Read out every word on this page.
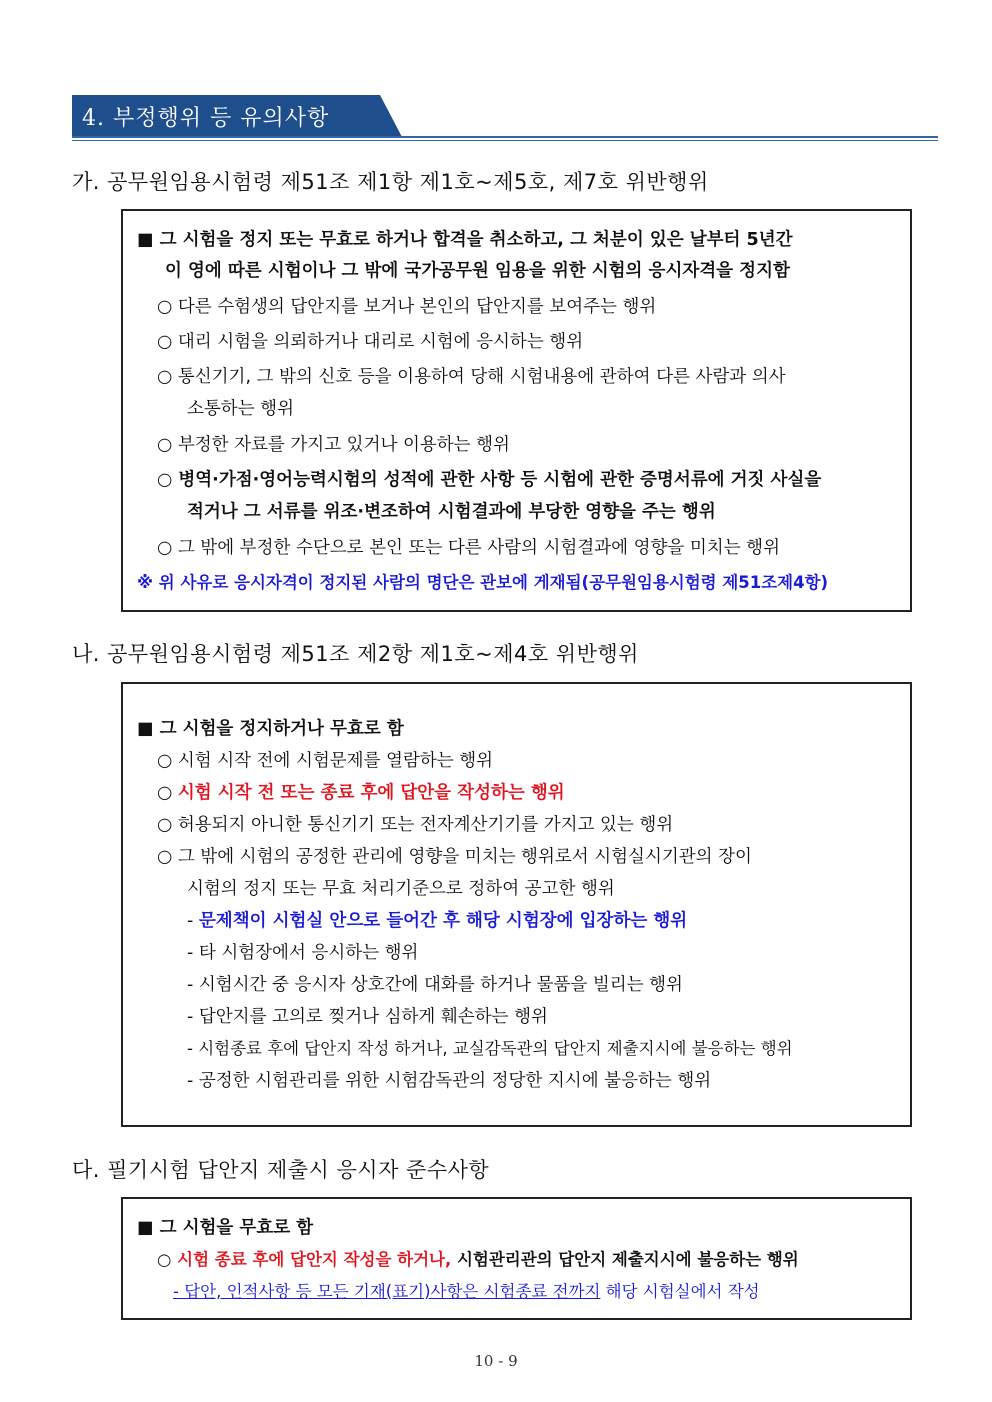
4. 부정행위 등 유의사항
가. 공무원임용시험령 제51조 제1항 제1호~제5호, 제7호 위반행위
■ 그 시험을 정지 또는 무효로 하거나 합격을 취소하고, 그 처분이 있은 날부터 5년간
이 영에 따른 시험이나 그 밖에 국가공무원 임용을 위한 시험의 응시자격을 정지함
○ 다른 수험생의 답안지를 보거나 본인의 답안지를 보여주는 행위
○ 대리 시험을 의뢰하거나 대리로 시험에 응시하는 행위
○ 통신기기, 그 밖의 신호 등을 이용하여 당해 시험내용에 관하여 다른 사람과 의사
소통하는 행위
○ 부정한 자료를 가지고 있거나 이용하는 행위
○ 병역·가점·영어능력시험의 성적에 관한 사항 등 시험에 관한 증명서류에 거짓 사실을
적거나 그 서류를 위조·변조하여 시험결과에 부당한 영향을 주는 행위
○ 그 밖에 부정한 수단으로 본인 또는 다른 사람의 시험결과에 영향을 미치는 행위
※ 위 사유로 응시자격이 정지된 사람의 명단은 관보에 게재됨(공무원임용시험령 제51조제4항)
나. 공무원임용시험령 제51조 제2항 제1호~제4호 위반행위
■ 그 시험을 정지하거나 무효로 함
○ 시험 시작 전에 시험문제를 열람하는 행위
○ 시험 시작 전 또는 종료 후에 답안을 작성하는 행위
○ 허용되지 아니한 통신기기 또는 전자계산기기를 가지고 있는 행위
○ 그 밖에 시험의 공정한 관리에 영향을 미치는 행위로서 시험실시기관의 장이
시험의 정지 또는 무효 처리기준으로 정하여 공고한 행위
- 문제책이 시험실 안으로 들어간 후 해당 시험장에 입장하는 행위
- 타 시험장에서 응시하는 행위
- 시험시간 중 응시자 상호간에 대화를 하거나 물품을 빌리는 행위
- 답안지를 고의로 찢거나 심하게 훼손하는 행위
- 시험종료 후에 답안지 작성 하거나, 교실감독관의 답안지 제출지시에 불응하는 행위
- 공정한 시험관리를 위한 시험감독관의 정당한 지시에 불응하는 행위
다. 필기시험 답안지 제출시 응시자 준수사항
■ 그 시험을 무효로 함
○ 시험 종료 후에 답안지 작성을 하거나, 시험관리관의 답안지 제출지시에 불응하는 행위
- 답안, 인적사항 등 모든 기재(표기)사항은 시험종료 전까지 해당 시험실에서 작성
10 - 9
